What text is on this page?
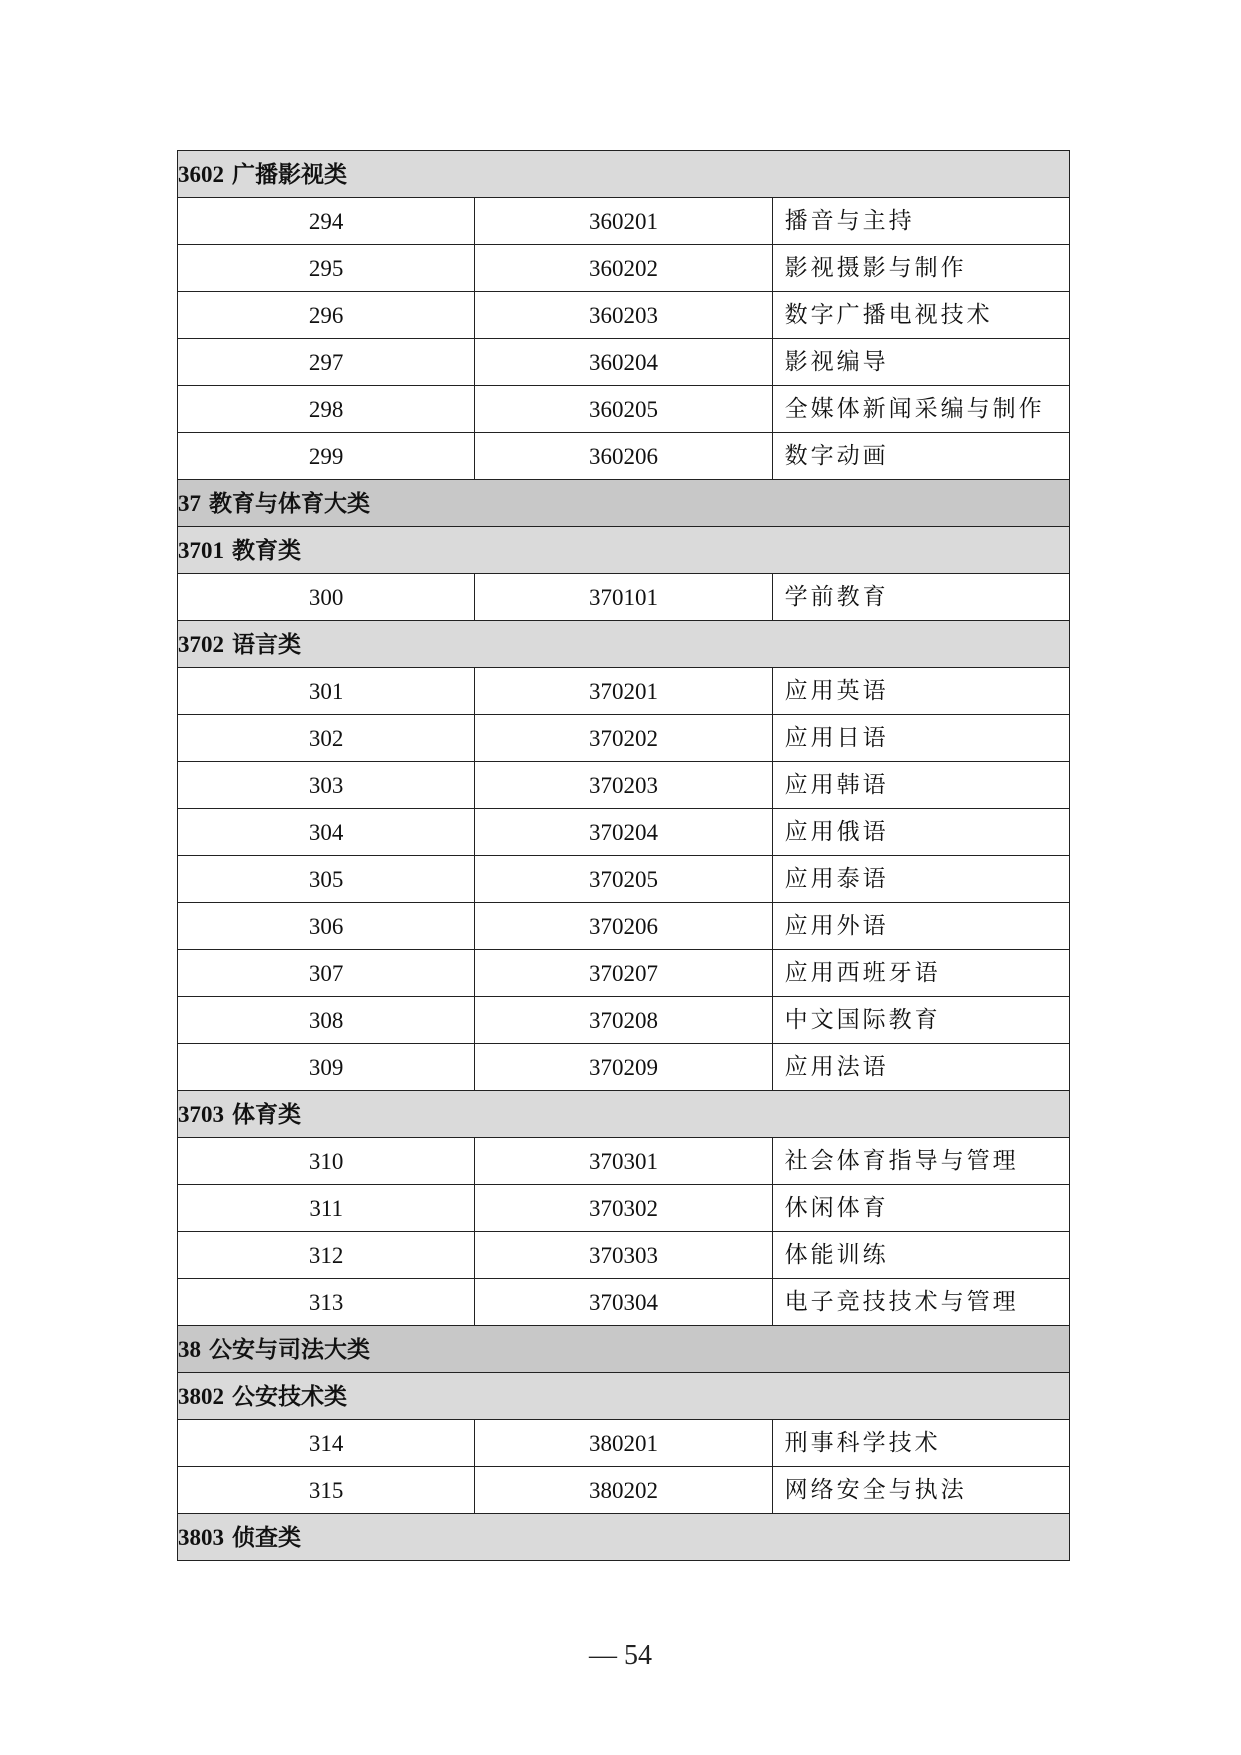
3602 广播影视类		
294	360201	播音与主持
295	360202	影视摄影与制作
296	360203	数字广播电视技术
297	360204	影视编导
298	360205	全媒体新闻采编与制作
299	360206	数字动画
37 教育与体育大类		
3701 教育类		
300	370101	学前教育
3702 语言类		
301	370201	应用英语
302	370202	应用日语
303	370203	应用韩语
304	370204	应用俄语
305	370205	应用泰语
306	370206	应用外语
307	370207	应用西班牙语
308	370208	中文国际教育
309	370209	应用法语
3703 体育类		
310	370301	社会体育指导与管理
311	370302	休闲体育
312	370303	体能训练
313	370304	电子竞技技术与管理
38 公安与司法大类		
3802 公安技术类		
314	380201	刑事科学技术
315	380202	网络安全与执法
3803 侦查类		
— 54
